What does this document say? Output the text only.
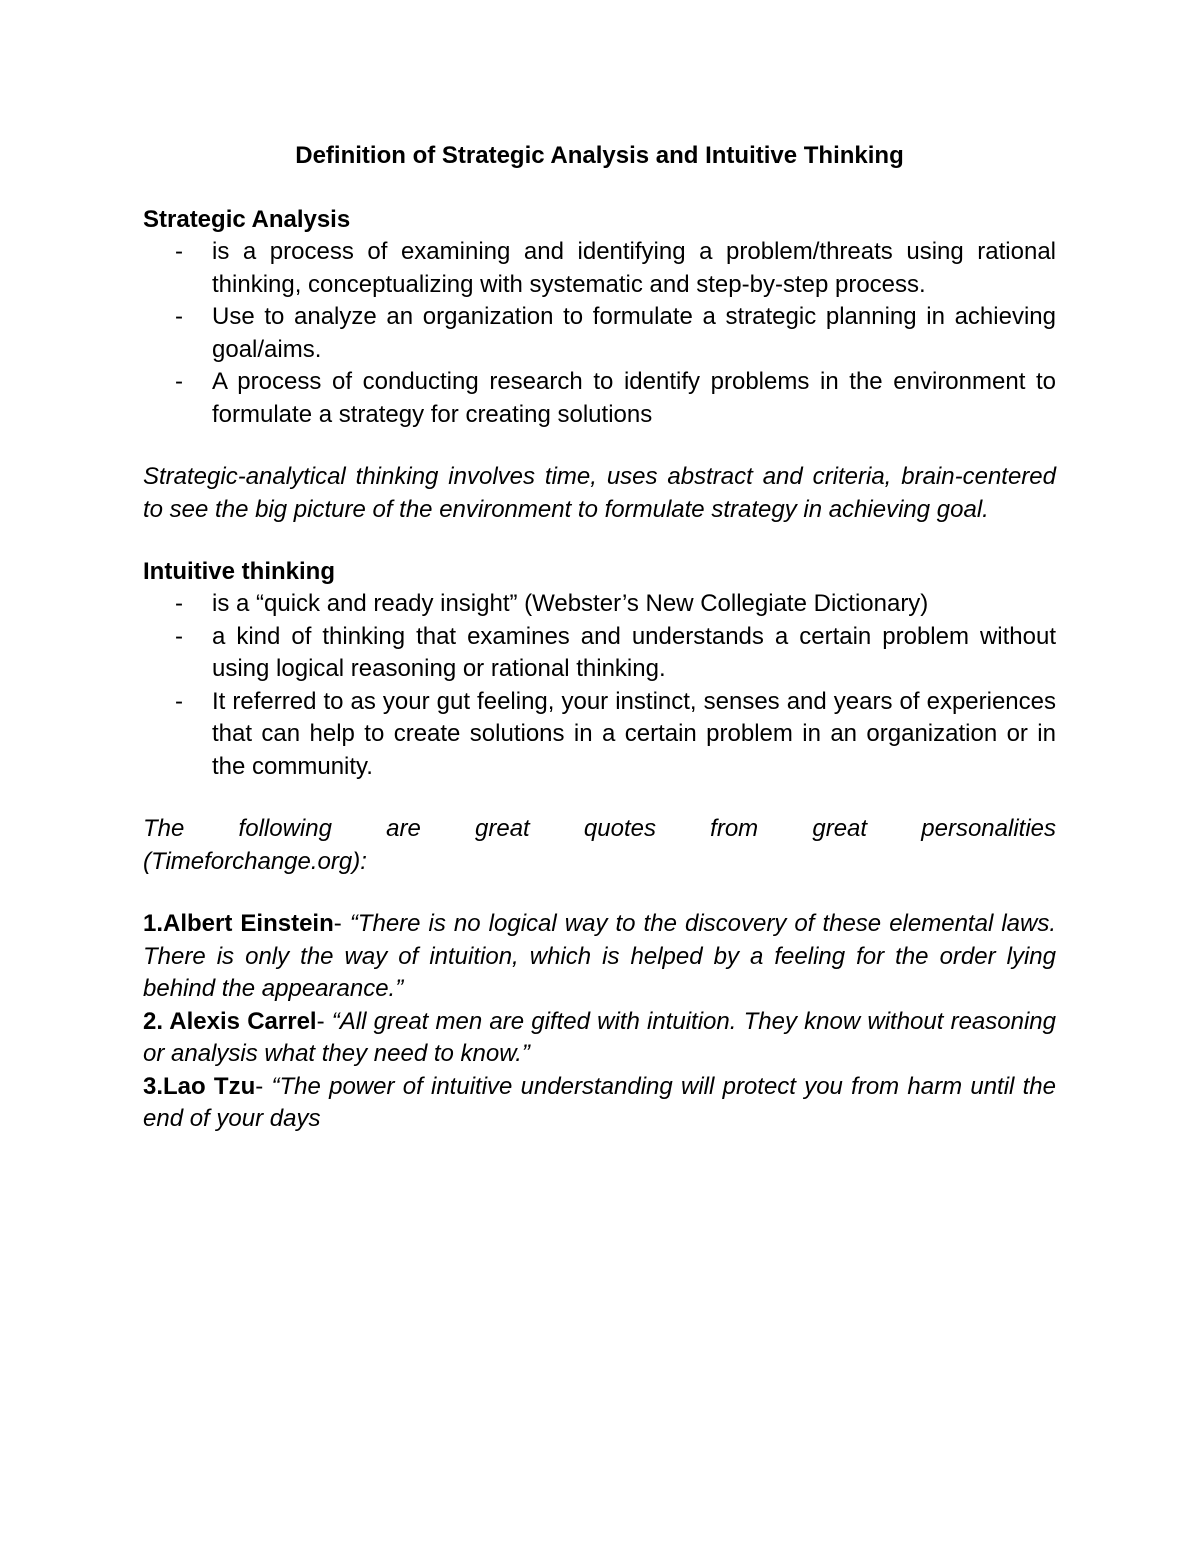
Definition of Strategic Analysis and Intuitive Thinking

Strategic Analysis

- is a process of examining and identifying a problem/threats using rational thinking, conceptualizing with systematic and step-by-step process.
- Use to analyze an organization to formulate a strategic planning in achieving goal/aims.
- A process of conducting research to identify problems in the environment to formulate a strategy for creating solutions

Strategic-analytical thinking involves time, uses abstract and criteria, brain-centered to see the big picture of the environment to formulate strategy in achieving goal.

Intuitive thinking

- is a “quick and ready insight” (Webster’s New Collegiate Dictionary)
- a kind of thinking that examines and understands a certain problem without using logical reasoning or rational thinking.
- It referred to as your gut feeling, your instinct, senses and years of experiences that can help to create solutions in a certain problem in an organization or in the community.

The following are great quotes from great personalities

(Timeforchange.org):

1.Albert Einstein- “There is no logical way to the discovery of these elemental laws. There is only the way of intuition, which is helped by a feeling for the order lying behind the appearance.”

2. Alexis Carrel- “All great men are gifted with intuition. They know without reasoning or analysis what they need to know.”

3.Lao Tzu- “The power of intuitive understanding will protect you from harm until the end of your days
